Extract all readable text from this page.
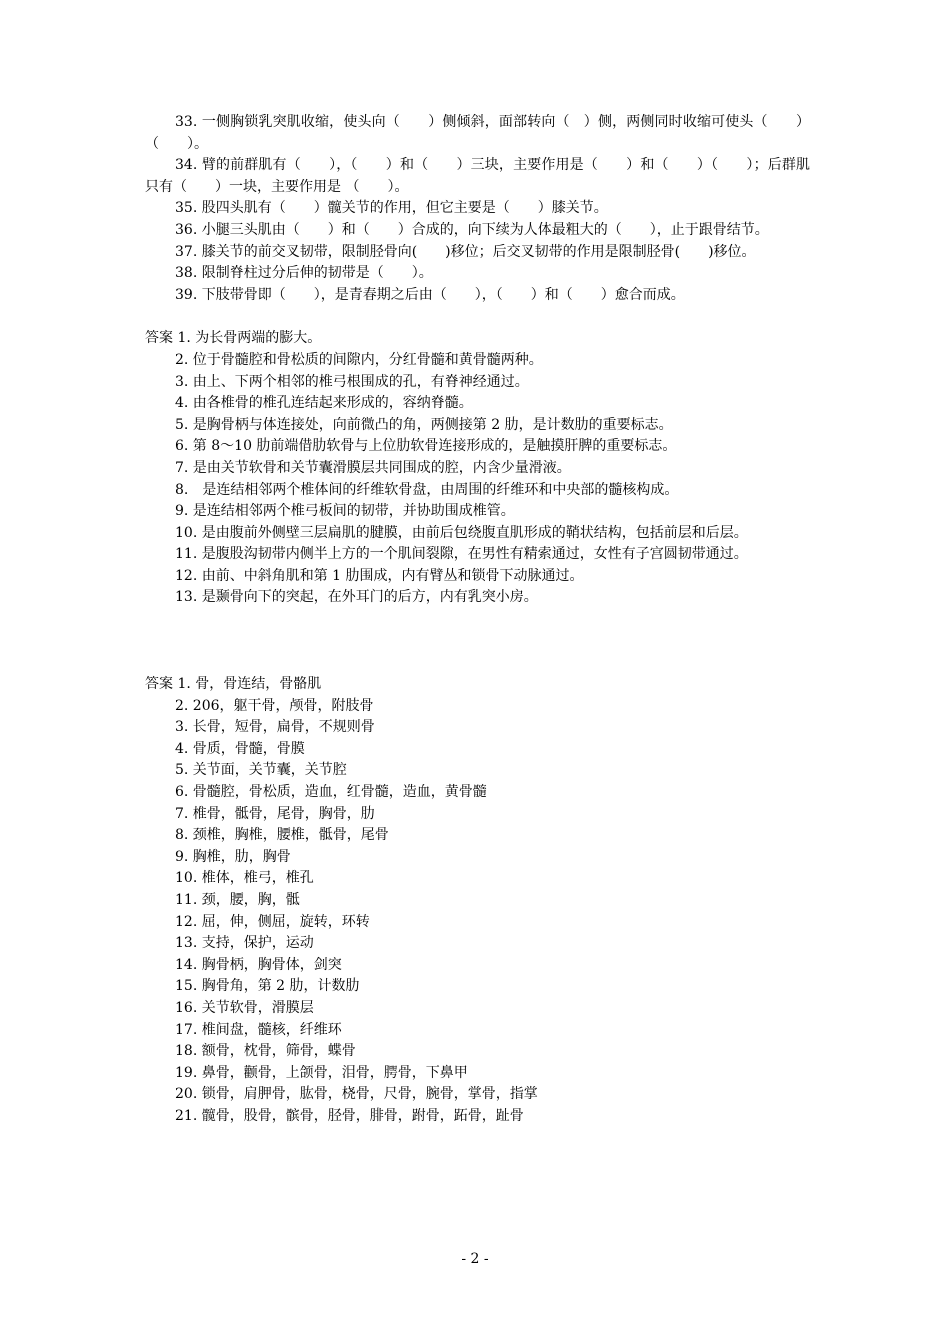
33. 一侧胸锁乳突肌收缩，使头向（　　）侧倾斜，面部转向（　）侧，两侧同时收缩可使头（　　）（　　）。

34. 臂的前群肌有（　　），（　　）和（　　）三块，主要作用是（　　）和（　　）（　　）；后群肌只有（　　）一块，主要作用是 （　　）。

35. 股四头肌有（　　）髋关节的作用，但它主要是（　　）膝关节。

36. 小腿三头肌由（　　）和（　　）合成的，向下续为人体最粗大的（　　），止于跟骨结节。

37. 膝关节的前交叉韧带，限制胫骨向(　　)移位；后交叉韧带的作用是限制胫骨(　　)移位。

38. 限制脊柱过分后伸的韧带是（　　）。

39. 下肢带骨即（　　），是青春期之后由（　　），（　　）和（　　）愈合而成。

答案 1. 为长骨两端的膨大。

2. 位于骨髓腔和骨松质的间隙内，分红骨髓和黄骨髓两种。

3. 由上、下两个相邻的椎弓根围成的孔，有脊神经通过。

4. 由各椎骨的椎孔连结起来形成的，容纳脊髓。

5. 是胸骨柄与体连接处，向前微凸的角，两侧接第 2 肋，是计数肋的重要标志。

6. 第 8～10 肋前端借肋软骨与上位肋软骨连接形成的，是触摸肝脾的重要标志。

7. 是由关节软骨和关节囊滑膜层共同围成的腔，内含少量滑液。

8.　是连结相邻两个椎体间的纤维软骨盘，由周围的纤维环和中央部的髓核构成。

9. 是连结相邻两个椎弓板间的韧带，并协助围成椎管。

10. 是由腹前外侧壁三层扁肌的腱膜，由前后包绕腹直肌形成的鞘状结构，包括前层和后层。

11. 是腹股沟韧带内侧半上方的一个肌间裂隙，在男性有精索通过，女性有子宫圆韧带通过。

12. 由前、中斜角肌和第 1 肋围成，内有臂丛和锁骨下动脉通过。

13. 是颞骨向下的突起，在外耳门的后方，内有乳突小房。

答案 1. 骨，骨连结，骨骼肌

2. 206，躯干骨，颅骨，附肢骨

3. 长骨，短骨，扁骨，不规则骨

4. 骨质，骨髓，骨膜

5. 关节面，关节囊，关节腔

6. 骨髓腔，骨松质，造血，红骨髓，造血，黄骨髓

7. 椎骨，骶骨，尾骨，胸骨，肋

8. 颈椎，胸椎，腰椎，骶骨，尾骨

9. 胸椎，肋，胸骨

10. 椎体，椎弓，椎孔

11. 颈，腰，胸，骶

12. 屈，伸，侧屈，旋转，环转

13. 支持，保护，运动

14. 胸骨柄，胸骨体，剑突

15. 胸骨角，第 2 肋，计数肋

16. 关节软骨，滑膜层

17. 椎间盘，髓核，纤维环

18. 额骨，枕骨，筛骨，蝶骨

19. 鼻骨，颧骨，上颌骨，泪骨，腭骨，下鼻甲

20. 锁骨，肩胛骨，肱骨，桡骨，尺骨，腕骨，掌骨，指掌

21. 髋骨，股骨，髌骨，胫骨，腓骨，跗骨，跖骨，趾骨

- 2 -
